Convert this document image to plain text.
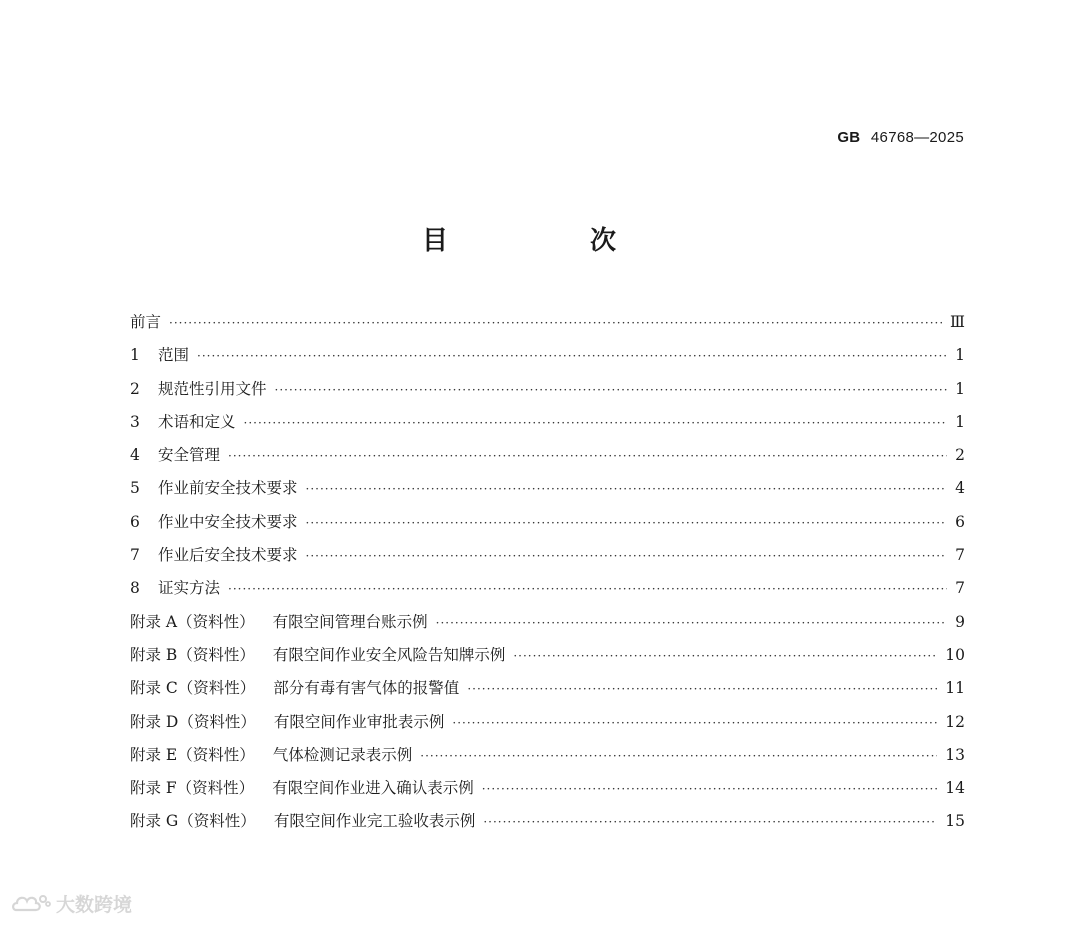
GB 46768—2025
目　次
前言 ·····	Ⅲ
1	范围 ·····	1
2	规范性引用文件 ·····	1
3	术语和定义 ·····	1
4	安全管理 ·····	2
5	作业前安全技术要求 ·····	4
6	作业中安全技术要求 ·····	6
7	作业后安全技术要求 ·····	7
8	证实方法 ·····	7
附录 A（资料性） 有限空间管理台账示例 ·····	9
附录 B（资料性） 有限空间作业安全风险告知牌示例 ·····	10
附录 C（资料性） 部分有毒有害气体的报警值 ·····	11
附录 D（资料性） 有限空间作业审批表示例 ·····	12
附录 E（资料性） 气体检测记录表示例 ·····	13
附录 F（资料性） 有限空间作业进入确认表示例 ·····	14
附录 G（资料性） 有限空间作业完工验收表示例 ·····	15
大数跨境
